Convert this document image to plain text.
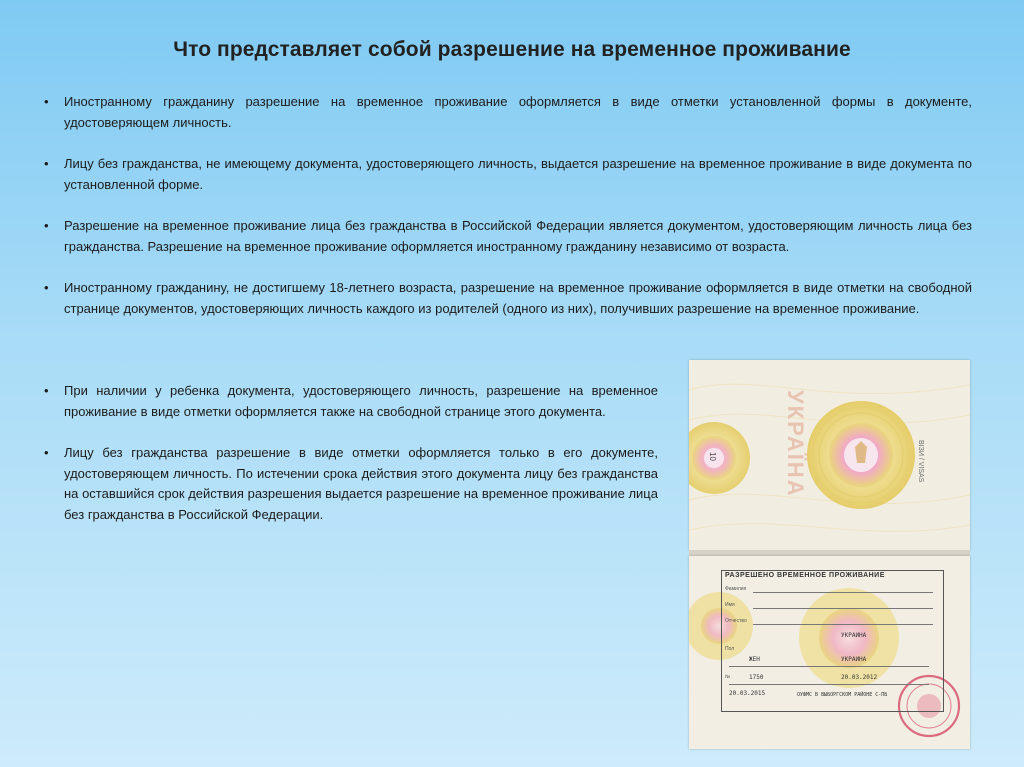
Что представляет собой разрешение на временное проживание
• Иностранному гражданину разрешение на временное проживание оформляется в виде отметки установленной формы в документе, удостоверяющем личность.
• Лицу без гражданства, не имеющему документа, удостоверяющего личность, выдается разрешение на временное проживание в виде документа по установленной форме.
• Разрешение на временное проживание лица без гражданства в Российской Федерации является документом, удостоверяющим личность лица без гражданства. Разрешение на временное проживание оформляется иностранному гражданину независимо от возраста.
• Иностранному гражданину, не достигшему 18-летнего возраста, разрешение на временное проживание оформляется в виде отметки на свободной странице документов, удостоверяющих личность каждого из родителей (одного из них), получивших разрешение на временное проживание.
• При наличии у ребенка документа, удостоверяющего личность, разрешение на временное проживание в виде отметки оформляется также на свободной странице этого документа.
• Лицу без гражданства разрешение в виде отметки оформляется только в его документе, удостоверяющем личность. По истечении срока действия этого документа лицу без гражданства на оставшийся срок действия разрешения выдается разрешение на временное проживание лица без гражданства в Российской Федерации.
УКРАЇНА	ВІЗИ / VISAS
10
РАЗРЕШЕНО ВРЕМЕННОЕ ПРОЖИВАНИЕ
Фамилия
Имя
Отчество
УКРАИНА
Пол
ЖЕН	УКРАИНА
№	1750	20.03.2012
20.03.2015	ОУФМС В ВЫБОРГСКОМ РАЙОНЕ С-ПБ
